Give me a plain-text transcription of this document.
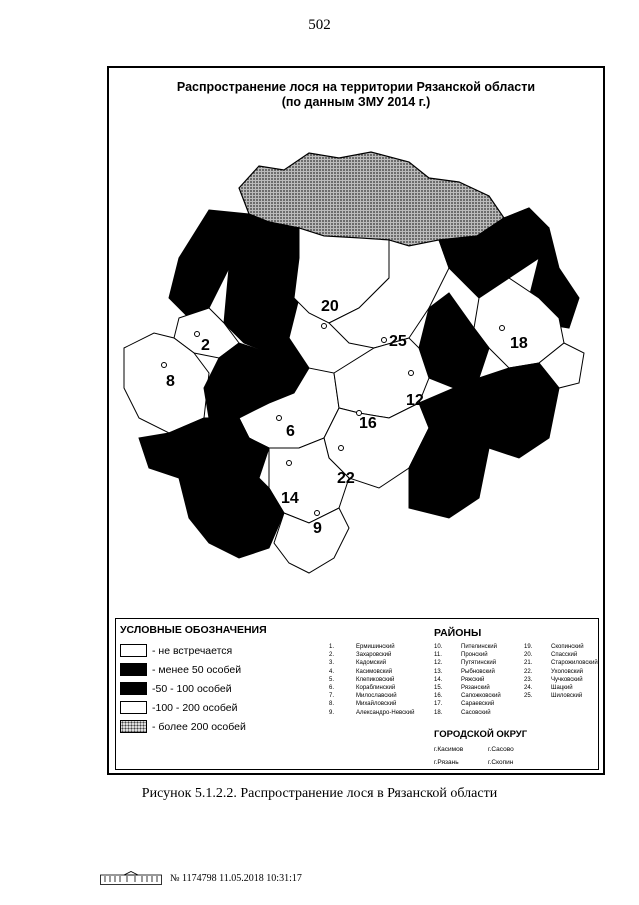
502
Распространение лося на территории Рязанской области
(по данным ЗМУ 2014 г.)
20
25
2	18
8
12
6	16
22
14
9
УСЛОВНЫЕ ОБОЗНАЧЕНИЯ
- не встречается
- менее 50 особей
-50 - 100 особей
-100 - 200 особей
- более 200 особей
РАЙОНЫ
1.	Ермишинский
2.	Захаровский
3.	Кадомский
4.	Касимовский
5.	Клепиковский
6.	Кораблинский
7.	Милославский
8.	Михайловский
9.	Александро-Невский
10.	Пителинский
11.	Пронский
12.	Путятинский
13.	Рыбновский
14.	Ряжский
15.	Рязанский
16.	Сапожковский
17.	Сараевский
18.	Сасовский
19.	Скопинский
20.	Спасский
21.	Старожиловский
22.	Ухоловский
23.	Чучковский
24.	Шацкий
25.	Шиловский
ГОРОДСКОЙ ОКРУГ
г.Касимов
г.Рязань
г.Сасово
г.Скопин
Рисунок 5.1.2.2. Распространение лося в Рязанской области
№ 1174798 11.05.2018 10:31:17
